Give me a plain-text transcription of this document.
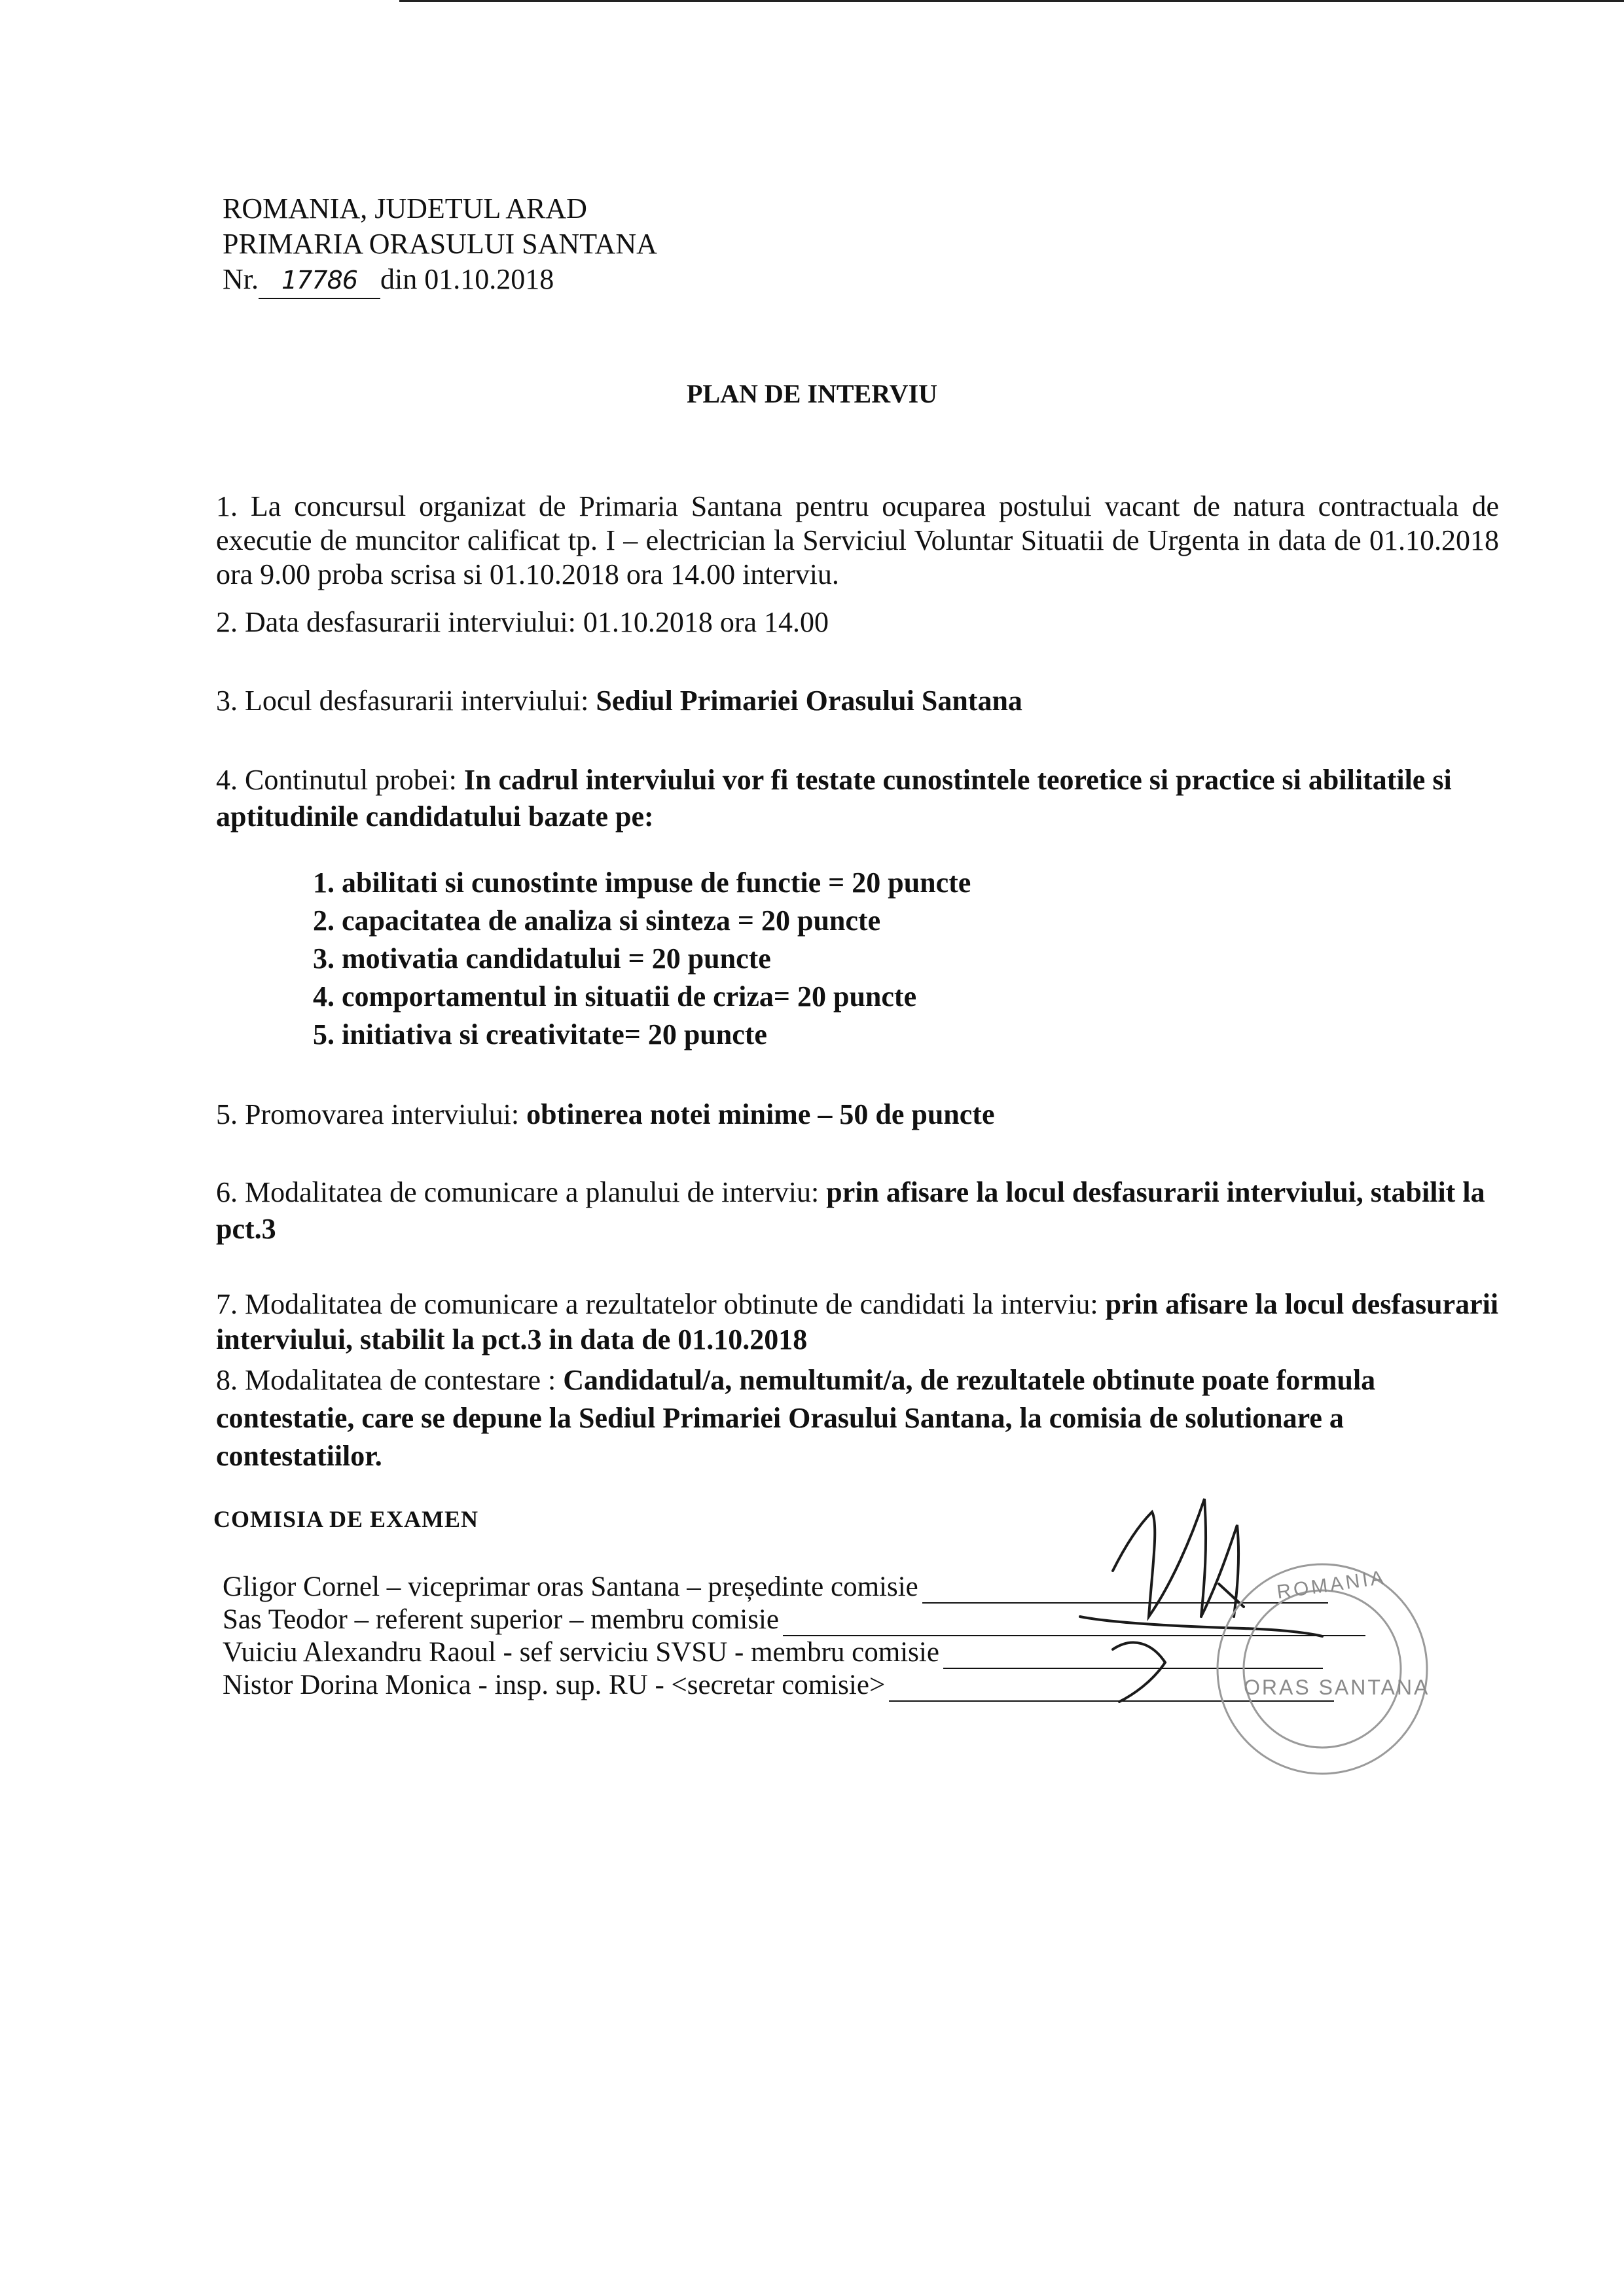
ROMANIA, JUDETUL ARAD
PRIMARIA ORASULUI SANTANA
Nr. 17786 din 01.10.2018
PLAN DE INTERVIU
1. La concursul organizat de Primaria Santana pentru ocuparea postului vacant de natura contractuala de executie de muncitor calificat tp. I – electrician la Serviciul Voluntar Situatii de Urgenta in data de 01.10.2018 ora 9.00 proba scrisa si 01.10.2018 ora 14.00 interviu.
2. Data desfasurarii interviului: 01.10.2018 ora 14.00
3. Locul desfasurarii interviului: Sediul Primariei Orasului Santana
4. Continutul probei: In cadrul interviului vor fi testate cunostintele teoretice si practice si abilitatile si aptitudinile candidatului bazate pe:
1. abilitati si cunostinte impuse de functie = 20 puncte
2. capacitatea de analiza si sinteza = 20 puncte
3. motivatia candidatului = 20 puncte
4. comportamentul in situatii de criza= 20 puncte
5. initiativa si creativitate= 20 puncte
5. Promovarea interviului: obtinerea notei minime – 50 de puncte
6. Modalitatea de comunicare a planului de interviu: prin afisare la locul desfasurarii interviului, stabilit la pct.3
7. Modalitatea de comunicare a rezultatelor obtinute de candidati la interviu: prin afisare la locul desfasurarii interviului, stabilit la pct.3 in data de 01.10.2018
8. Modalitatea de contestare : Candidatul/a, nemultumit/a, de rezultatele obtinute poate formula contestatie, care se depune la Sediul Primariei Orasului Santana, la comisia de solutionare a contestatiilor.
COMISIA DE EXAMEN
Gligor Cornel – viceprimar oras Santana – președinte comisie
Sas Teodor – referent superior – membru comisie
Vuiciu Alexandru Raoul - sef serviciu SVSU - membru comisie
Nistor Dorina Monica - insp. sup. RU - <secretar comisie>
ROMANIA
ORAS SANTANA
